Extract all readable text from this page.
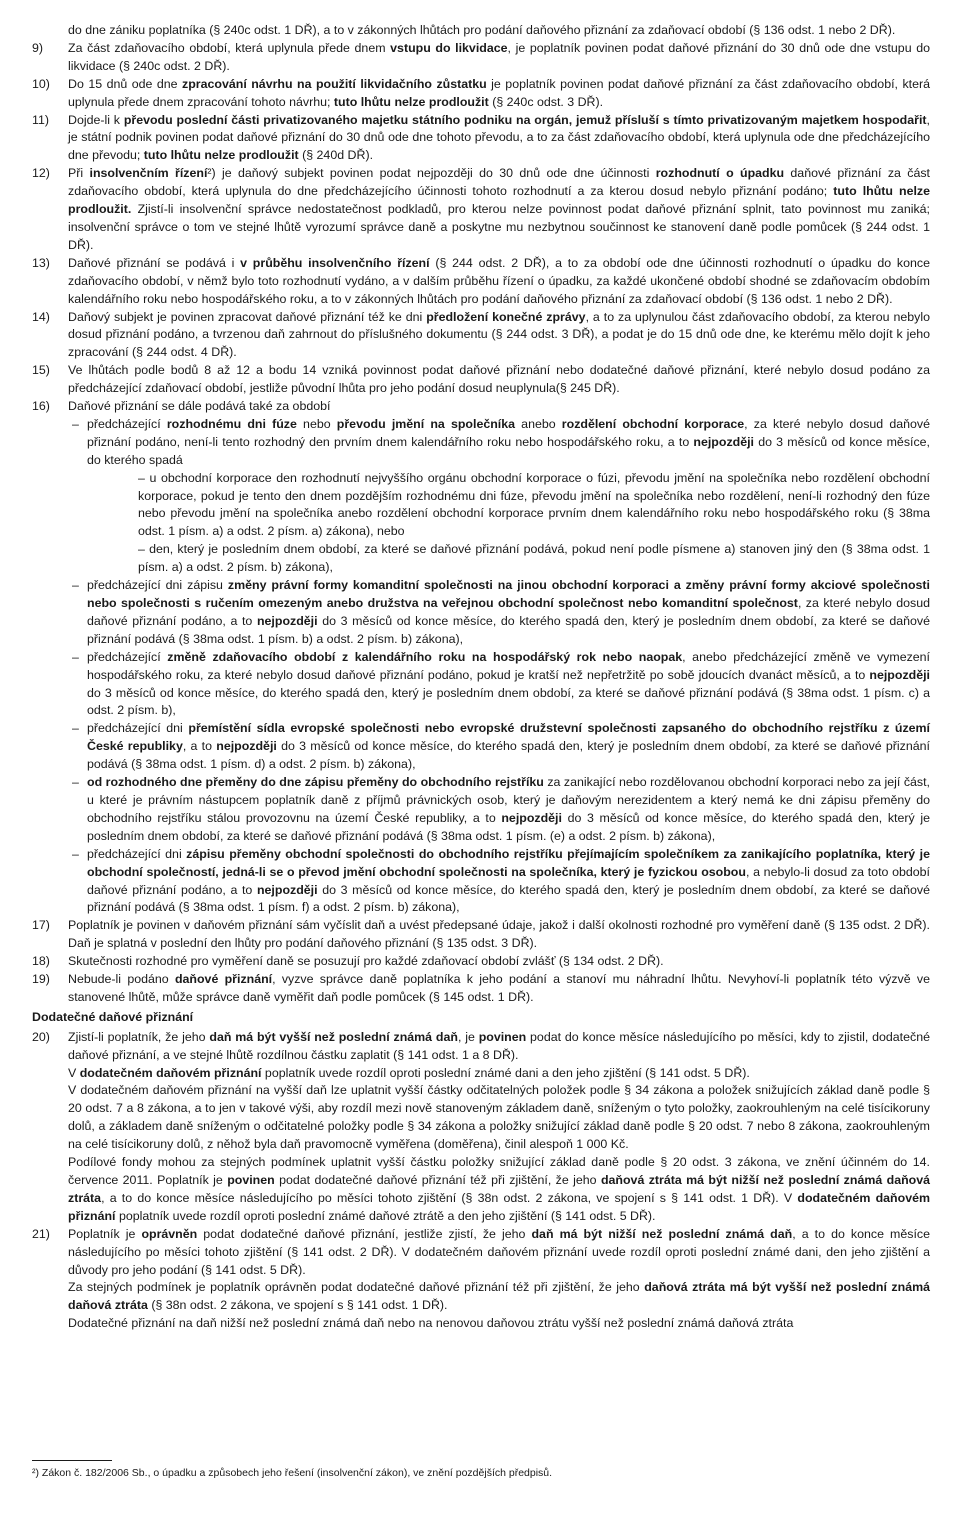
do dne zániku poplatníka (§ 240c odst. 1 DŘ), a to v zákonných lhůtách pro podání daňového přiznání za zdaňovací období (§ 136 odst. 1 nebo 2 DŘ).
9)	Za část zdaňovacího období, která uplynula přede dnem vstupu do likvidace, je poplatník povinen podat daňové přiznání do 30 dnů ode dne vstupu do likvidace (§ 240c odst. 2 DŘ).
10)	Do 15 dnů ode dne zpracování návrhu na použití likvidačního zůstatku je poplatník povinen podat daňové přiznání za část zdaňovacího období, která uplynula přede dnem zpracování tohoto návrhu; tuto lhůtu nelze prodloužit (§ 240c odst. 3 DŘ).
11)	Dojde-li k převodu poslední části privatizovaného majetku státního podniku na orgán, jemuž přísluší s tímto privatizovaným majetkem hospodařit, je státní podnik povinen podat daňové přiznání do 30 dnů ode dne tohoto převodu, a to za část zdaňovacího období, která uplynula ode dne předcházejícího dne převodu; tuto lhůtu nelze prodloužit (§ 240d DŘ).
12)	Při insolvenčním řízení²) je daňový subjekt povinen podat nejpozději do 30 dnů ode dne účinnosti rozhodnutí o úpadku daňové přiznání za část zdaňovacího období, která uplynula do dne předcházejícího účinnosti tohoto rozhodnutí a za kterou dosud nebylo přiznání podáno; tuto lhůtu nelze prodloužit. Zjistí-li insolvenční správce nedostatečnost podkladů, pro kterou nelze povinnost podat daňové přiznání splnit, tato povinnost mu zaniká; insolvenční správce o tom ve stejné lhůtě vyrozumí správce daně a poskytne mu nezbytnou součinnost ke stanovení daně podle pomůcek (§ 244 odst. 1 DŘ).
13)	Daňové přiznání se podává i v průběhu insolvenčního řízení (§ 244 odst. 2 DŘ), a to za období ode dne účinnosti rozhodnutí o úpadku do konce zdaňovacího období, v němž bylo toto rozhodnutí vydáno, a v dalším průběhu řízení o úpadku, za každé ukončené období shodné se zdaňovacím obdobím kalendářního roku nebo hospodářského roku, a to v zákonných lhůtách pro podání daňového přiznání za zdaňovací období (§ 136 odst. 1 nebo 2 DŘ).
14)	Daňový subjekt je povinen zpracovat daňové přiznání též ke dni předložení konečné zprávy, a to za uplynulou část zdaňovacího období, za kterou nebylo dosud přiznání podáno, a tvrzenou daň zahrnout do příslušného dokumentu (§ 244 odst. 3 DŘ), a podat je do 15 dnů ode dne, ke kterému mělo dojít k jeho zpracování (§ 244 odst. 4 DŘ).
15)	Ve lhůtách podle bodů 8 až 12 a bodu 14 vzniká povinnost podat daňové přiznání nebo dodatečné daňové přiznání, které nebylo dosud podáno za předcházející zdaňovací období, jestliže původní lhůta pro jeho podání dosud neuplynula(§ 245 DŘ).
16)	Daňové přiznání se dále podává také za období
– předcházející rozhodnému dni fúze nebo převodu jmění na společníka anebo rozdělení obchodní korporace, za které nebylo dosud daňové přiznání podáno, není-li tento rozhodný den prvním dnem kalendářního roku nebo hospodářského roku, a to nejpozději do 3 měsíců od konce měsíce, do kterého spadá
– u obchodní korporace den rozhodnutí nejvyššího orgánu obchodní korporace o fúzi, převodu jmění na společníka nebo rozdělení obchodní korporace, pokud je tento den dnem pozdějším rozhodnému dni fúze, převodu jmění na společníka nebo rozdělení, není-li rozhodný den fúze nebo převodu jmění na společníka anebo rozdělení obchodní korporace prvním dnem kalendářního roku nebo hospodářského roku (§ 38ma odst. 1 písm. a) a odst. 2 písm. a) zákona), nebo
– den, který je posledním dnem období, za které se daňové přiznání podává, pokud není podle písmene a) stanoven jiný den (§ 38ma odst. 1 písm. a) a odst. 2 písm. b) zákona),
– předcházející dni zápisu změny právní formy komanditní společnosti na jinou obchodní korporaci a změny právní formy akciové společnosti nebo společnosti s ručením omezeným anebo družstva na veřejnou obchodní společnost nebo komanditní společnost, za které nebylo dosud daňové přiznání podáno, a to nejpozději do 3 měsíců od konce měsíce, do kterého spadá den, který je posledním dnem období, za které se daňové přiznání podává (§ 38ma odst. 1 písm. b) a odst. 2 písm. b) zákona),
– předcházející změně zdaňovacího období z kalendářního roku na hospodářský rok nebo naopak, anebo předcházející změně ve vymezení hospodářského roku, za které nebylo dosud daňové přiznání podáno, pokud je kratší než nepřetržitě po sobě jdoucích dvanáct měsíců, a to nejpozději do 3 měsíců od konce měsíce, do kterého spadá den, který je posledním dnem období, za které se daňové přiznání podává (§ 38ma odst. 1 písm. c) a odst. 2 písm. b),
– předcházející dni přemístění sídla evropské společnosti nebo evropské družstevní společnosti zapsaného do obchodního rejstříku z území České republiky, a to nejpozději do 3 měsíců od konce měsíce, do kterého spadá den, který je posledním dnem období, za které se daňové přiznání podává (§ 38ma odst. 1 písm. d) a odst. 2 písm. b) zákona),
– od rozhodného dne přeměny do dne zápisu přeměny do obchodního rejstříku za zanikající nebo rozdělovanou obchodní korporaci nebo za její část, u které je právním nástupcem poplatník daně z příjmů právnických osob, který je daňovým nerezidentem a který nemá ke dni zápisu přeměny do obchodního rejstříku stálou provozovnu na území České republiky, a to nejpozději do 3 měsíců od konce měsíce, do kterého spadá den, který je posledním dnem období, za které se daňové přiznání podává (§ 38ma odst. 1 písm. (e) a odst. 2 písm. b) zákona),
– předcházející dni zápisu přeměny obchodní společnosti do obchodního rejstříku přejímajícím společníkem za zanikajícího poplatníka, který je obchodní společností, jedná-li se o převod jmění obchodní společnosti na společníka, který je fyzickou osobou, a nebylo-li dosud za toto období daňové přiznání podáno, a to nejpozději do 3 měsíců od konce měsíce, do kterého spadá den, který je posledním dnem období, za které se daňové přiznání podává (§ 38ma odst. 1 písm. f) a odst. 2 písm. b) zákona),
17)	Poplatník je povinen v daňovém přiznání sám vyčíslit daň a uvést předepsané údaje, jakož i další okolnosti rozhodné pro vyměření daně (§ 135 odst. 2 DŘ). Daň je splatná v poslední den lhůty pro podání daňového přiznání (§ 135 odst. 3 DŘ).
18)	Skutečnosti rozhodné pro vyměření daně se posuzují pro každé zdaňovací období zvlášť (§ 134 odst. 2 DŘ).
19)	Nebude-li podáno daňové přiznání, vyzve správce daně poplatníka k jeho podání a stanoví mu náhradní lhůtu. Nevyhoví-li poplatník této výzvě ve stanovené lhůtě, může správce daně vyměřit daň podle pomůcek (§ 145 odst. 1 DŘ).
Dodatečné daňové přiznání
20)	Zjistí-li poplatník, že jeho daň má být vyšší než poslední známá daň, je povinen podat do konce měsíce následujícího po měsíci, kdy to zjistil, dodatečné daňové přiznání, a ve stejné lhůtě rozdílnou částku zaplatit (§ 141 odst. 1 a 8 DŘ).
V dodatečném daňovém přiznání poplatník uvede rozdíl oproti poslední známé dani a den jeho zjištění (§ 141 odst. 5 DŘ).
V dodatečném daňovém přiznání na vyšší daň lze uplatnit vyšší částky odčitatelných položek podle § 34 zákona a položek snižujících základ daně podle § 20 odst. 7 a 8 zákona, a to jen v takové výši, aby rozdíl mezi nově stanoveným základem daně, sníženým o tyto položky, zaokrouhleným na celé tisícikoruny dolů, a základem daně sníženým o odčitatelné položky podle § 34 zákona a položky snižující základ daně podle § 20 odst. 7 nebo 8 zákona, zaokrouhleným na celé tisícikoruny dolů, z něhož byla daň pravomocně vyměřena (doměřena), činil alespoň 1 000 Kč.
Podílové fondy mohou za stejných podmínek uplatnit vyšší částku položky snižující základ daně podle § 20 odst. 3 zákona, ve znění účinném do 14. července 2011. Poplatník je povinen podat dodatečné daňové přiznání též při zjištění, že jeho daňová ztráta má být nižší než poslední známá daňová ztráta, a to do konce měsíce následujícího po měsíci tohoto zjištění (§ 38n odst. 2 zákona, ve spojení s § 141 odst. 1 DŘ). V dodatečném daňovém přiznání poplatník uvede rozdíl oproti poslední známé daňové ztrátě a den jeho zjištění (§ 141 odst. 5 DŘ).
21)	Poplatník je oprávněn podat dodatečné daňové přiznání, jestliže zjistí, že jeho daň má být nižší než poslední známá daň, a to do konce měsíce následujícího po měsíci tohoto zjištění (§ 141 odst. 2 DŘ). V dodatečném daňovém přiznání uvede rozdíl oproti poslední známé dani, den jeho zjištění a důvody pro jeho podání (§ 141 odst. 5 DŘ).
Za stejných podmínek je poplatník oprávněn podat dodatečné daňové přiznání též při zjištění, že jeho daňová ztráta má být vyšší než poslední známá daňová ztráta (§ 38n odst. 2 zákona, ve spojení s § 141 odst. 1 DŘ).
Dodatečné přiznání na daň nižší než poslední známá daň nebo na nenovou daňovou ztrátu vyšší než poslední známá daňová ztráta
²) Zákon č. 182/2006 Sb., o úpadku a způsobech jeho řešení (insolvenční zákon), ve znění pozdějších předpisů.
